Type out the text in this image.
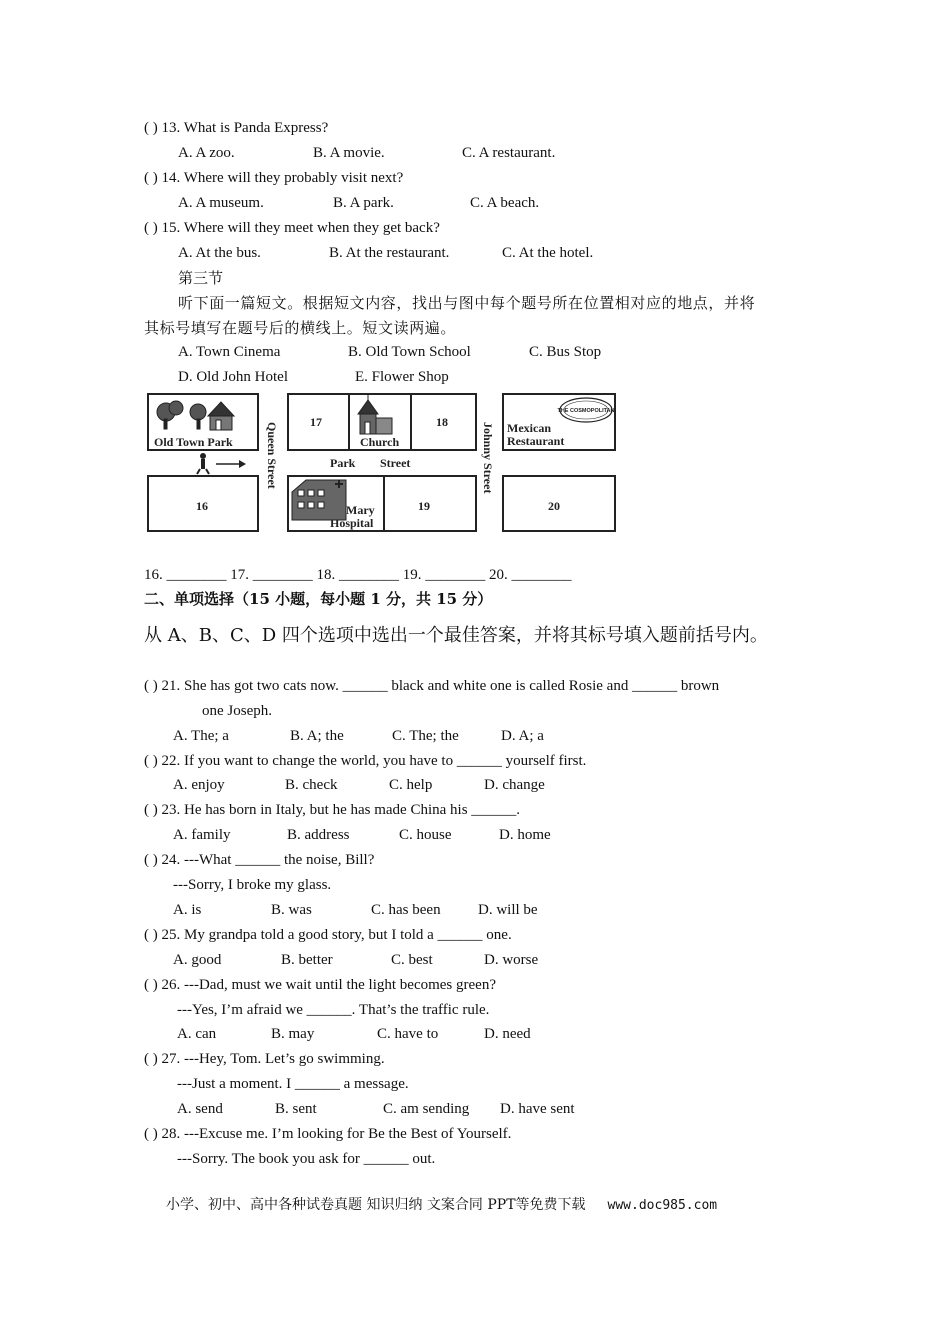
( ) 13. What is Panda Express?
A. A zoo.	B. A movie.	C. A restaurant.
( ) 14. Where will they probably visit next?
A. A museum.	B. A park.	C. A beach.
( ) 15. Where will they meet when they get back?
A. At the bus.	B. At the restaurant.	C. At the hotel.
第三节
听下面一篇短文。根据短文内容，找出与图中每个题号所在位置相对应的地点，并将
其标号填写在题号后的横线上。短文读两遍。
A. Town Cinema	B. Old Town School	C. Bus Stop
D. Old John Hotel	E. Flower Shop
THE COSMOPOLITAN
Old Town Park	Queen Street	Church	Johnny Street Mexican
Restaurant
Park Street
Mary
Hospital
16
17	18
19	20
16. ________ 17. ________ 18. ________ 19. ________ 20. ________
二、单项选择（15 小题，每小题 1 分，共 15 分）
从 A、B、C、D 四个选项中选出一个最佳答案，并将其标号填入题前括号内。
( ) 21. She has got two cats now. ______ black and white one is called Rosie and ______ brown
one Joseph.
A. The; a	B. A; the	C. The; the	D. A; a
( ) 22. If you want to change the world, you have to ______ yourself first.
A. enjoy	B. check	C. help	D. change
( ) 23. He has born in Italy, but he has made China his ______.
A. family	B. address	C. house	D. home
( ) 24. ---What ______ the noise, Bill?
---Sorry, I broke my glass.
A. is	B. was	C. has been D. will be
( ) 25. My grandpa told a good story, but I told a ______ one.
A. good	B. better	C. best	D. worse
( ) 26. ---Dad, must we wait until the light becomes green?
---Yes, I’m afraid we ______. That’s the traffic rule.
A. can	B. may	C. have to	D. need
( ) 27. ---Hey, Tom. Let’s go swimming.
---Just a moment. I ______ a message.
A. send	B. sent	C. am sending D. have sent
( ) 28. ---Excuse me. I’m looking for Be the Best of Yourself.
---Sorry. The book you ask for ______ out.
小学、初中、高中各种试卷真题 知识归纳 文案合同 PPT等免费下载 www.doc985.com
